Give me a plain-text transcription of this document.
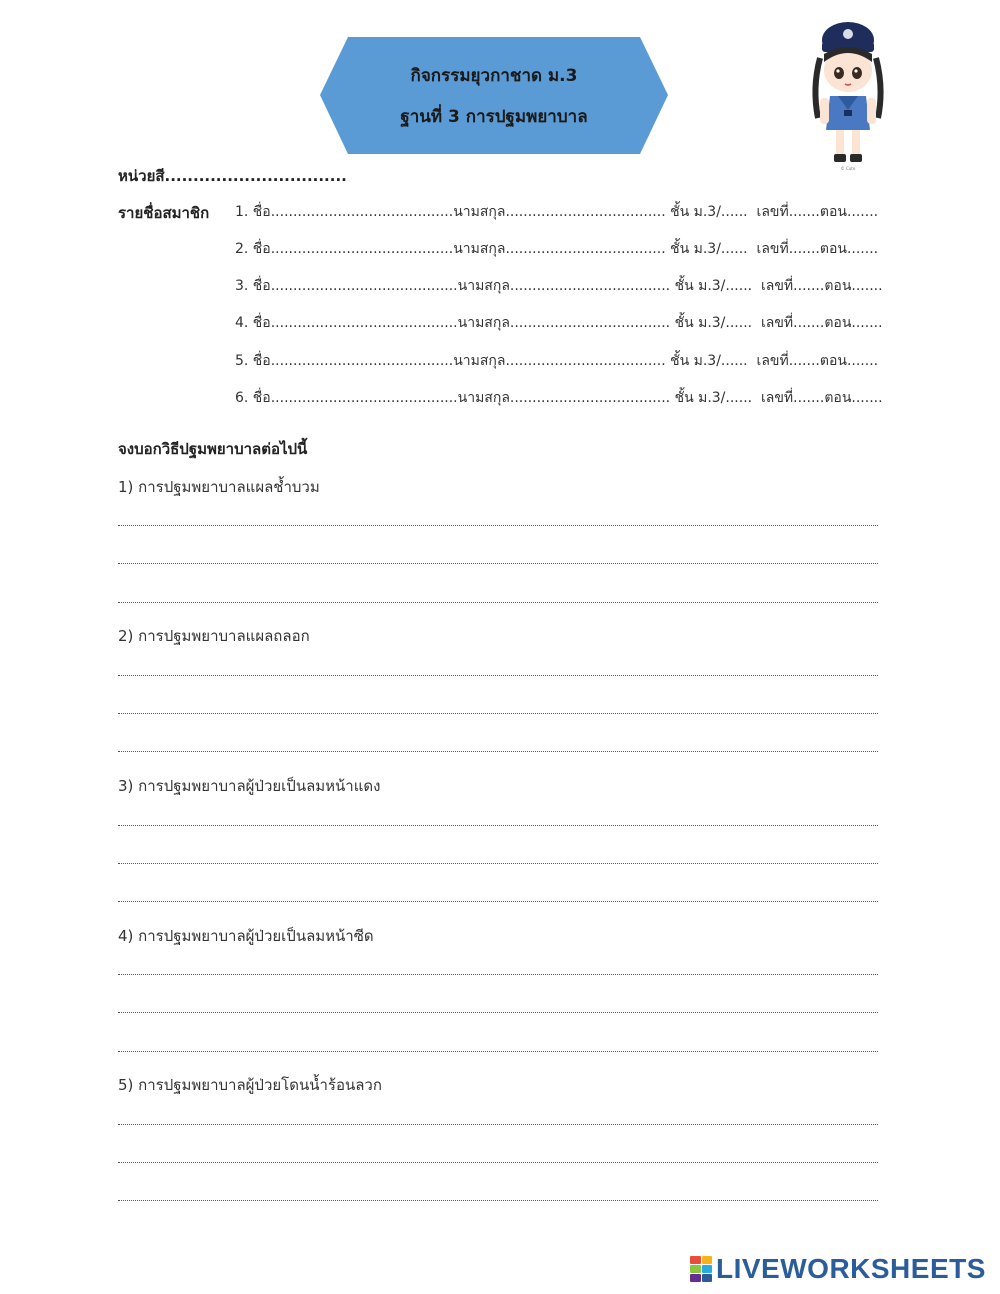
กิจกรรมยุวกาชาด ม.3
ฐานที่ 3 การปฐมพยาบาล
© Cute
หน่วยสี................................
รายชื่อสมาชิก 1. ชื่อ.........................................นามสกุล.................................... ชั้น ม.3/...... เลขที่.......ตอน.......
2. ชื่อ.........................................นามสกุล.................................... ชั้น ม.3/...... เลขที่.......ตอน.......
3. ชื่อ..........................................นามสกุล.................................... ชั้น ม.3/...... เลขที่.......ตอน.......
4. ชื่อ..........................................นามสกุล.................................... ชั้น ม.3/...... เลขที่.......ตอน.......
5. ชื่อ.........................................นามสกุล.................................... ชั้น ม.3/...... เลขที่.......ตอน.......
6. ชื่อ..........................................นามสกุล.................................... ชั้น ม.3/...... เลขที่.......ตอน.......
จงบอกวิธีปฐมพยาบาลต่อไปนี้
1) การปฐมพยาบาลแผลช้ำบวม
2) การปฐมพยาบาลแผลถลอก
3) การปฐมพยาบาลผู้ป่วยเป็นลมหน้าแดง
4) การปฐมพยาบาลผู้ป่วยเป็นลมหน้าซีด
5) การปฐมพยาบาลผู้ป่วยโดนน้ำร้อนลวก
LIVEWORKSHEETS
